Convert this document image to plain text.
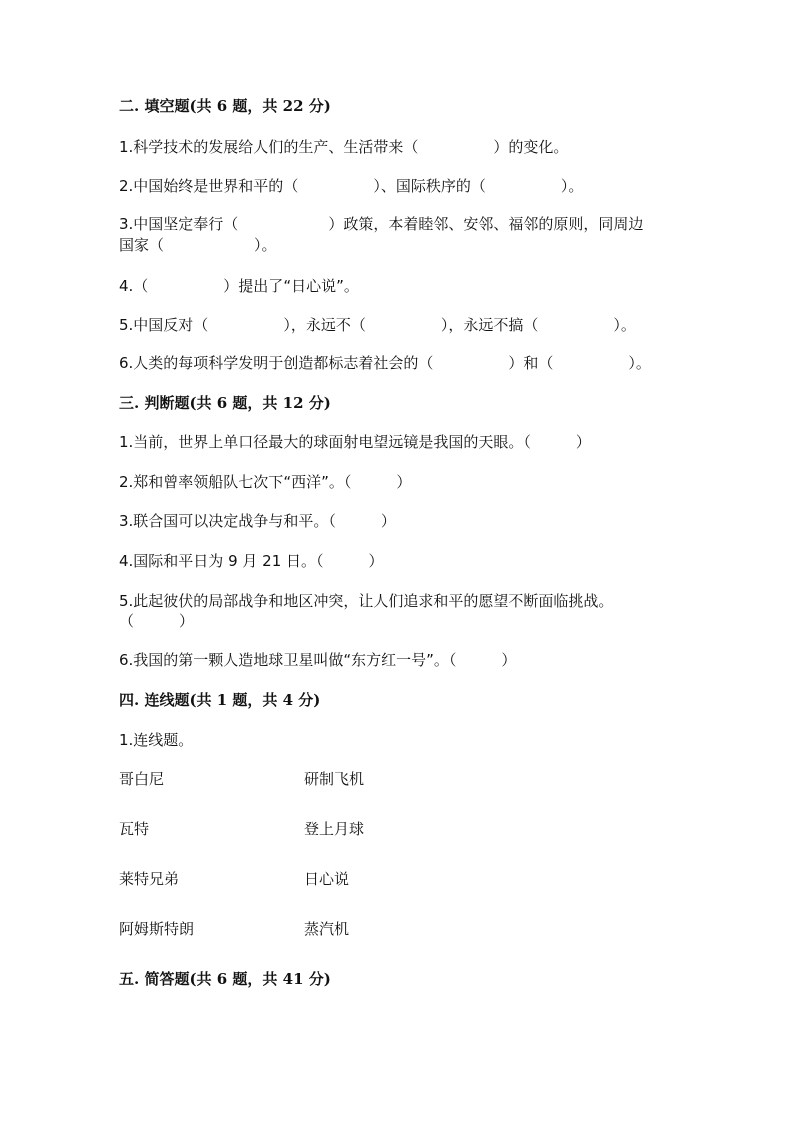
二. 填空题(共 6 题，共 22 分)
1.科学技术的发展给人们的生产、生活带来（　　　　　）的变化。
2.中国始终是世界和平的（　　　　　）、国际秩序的（　　　　　）。
3.中国坚定奉行（　　　　　　）政策，本着睦邻、安邻、福邻的原则，同周边
国家（　　　　　　）。
4.（　　　　　）提出了“日心说”。
5.中国反对（　　　　　），永远不（　　　　　），永远不搞（　　　　　）。
6.人类的每项科学发明于创造都标志着社会的（　　　　　）和（　　　　　）。
三. 判断题(共 6 题，共 12 分)
1.当前，世界上单口径最大的球面射电望远镜是我国的天眼。（　　　）
2.郑和曾率领船队七次下“西洋”。（　　　）
3.联合国可以决定战争与和平。（　　　）
4.国际和平日为 9 月 21 日。（　　　）
5.此起彼伏的局部战争和地区冲突，让人们追求和平的愿望不断面临挑战。
（　　　）
6.我国的第一颗人造地球卫星叫做“东方红一号”。（　　　）
四. 连线题(共 1 题，共 4 分)
1.连线题。
哥白尼	研制飞机
瓦特	登上月球
莱特兄弟	日心说
阿姆斯特朗	蒸汽机
五. 简答题(共 6 题，共 41 分)
